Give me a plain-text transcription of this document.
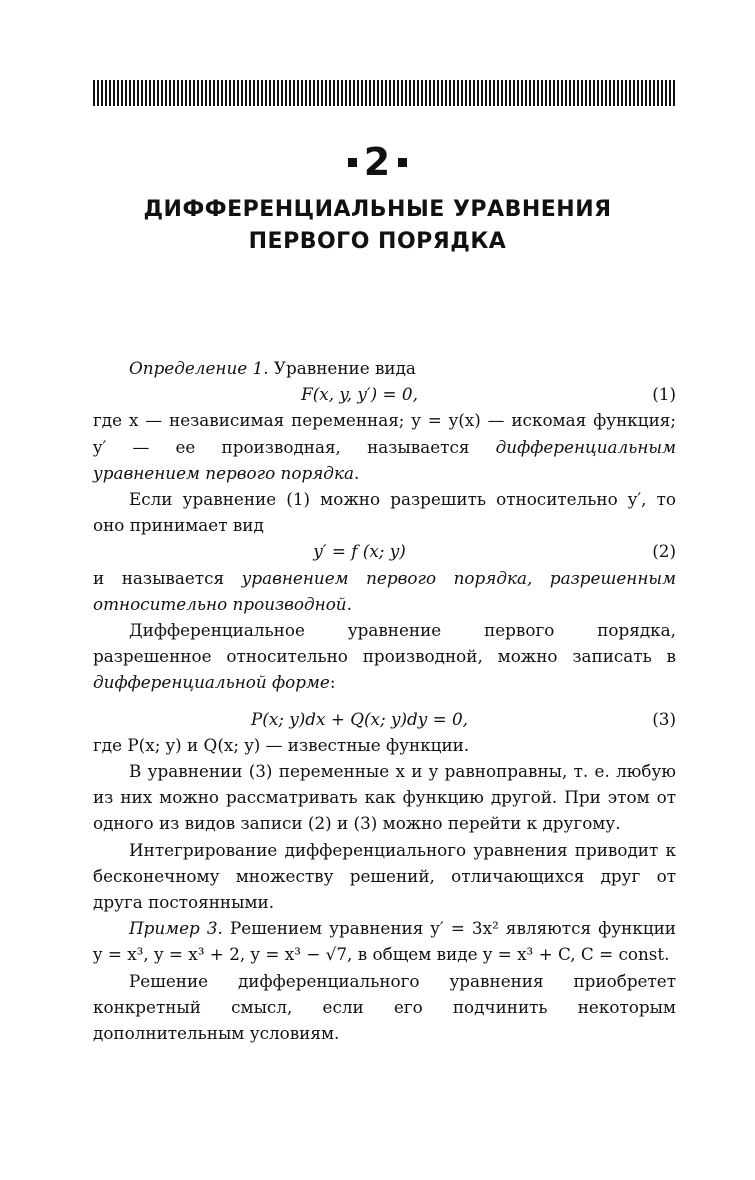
2
ДИФФЕРЕНЦИАЛЬНЫЕ УРАВНЕНИЯ
ПЕРВОГО ПОРЯДКА

Определение 1. Уравнение вида

F(x, y, y′) = 0,	(1)

где x — независимая переменная; y = y(x) — искомая функция; y′ — ее производная, называется дифференциальным уравнением первого порядка.

Если уравнение (1) можно разрешить относительно y′, то оно принимает вид

y′ = f (x; y)	(2)

и называется уравнением первого порядка, разрешенным относительно производной.

Дифференциальное уравнение первого порядка, разрешенное относительно производной, можно записать в дифференциальной форме:

P(x; y)dx + Q(x; y)dy = 0,	(3)

где P(x; y) и Q(x; y) — известные функции.

В уравнении (3) переменные x и y равноправны, т. е. любую из них можно рассматривать как функцию другой. При этом от одного из видов записи (2) и (3) можно перейти к другому.

Интегрирование дифференциального уравнения приводит к бесконечному множеству решений, отличающихся друг от друга постоянными.

Пример 3. Решением уравнения y′ = 3x² являются функции y = x³, y = x³ + 2, y = x³ − √7, в общем виде y = x³ + C, C = const.

Решение дифференциального уравнения приобретет конкретный смысл, если его подчинить некоторым дополнительным условиям.
